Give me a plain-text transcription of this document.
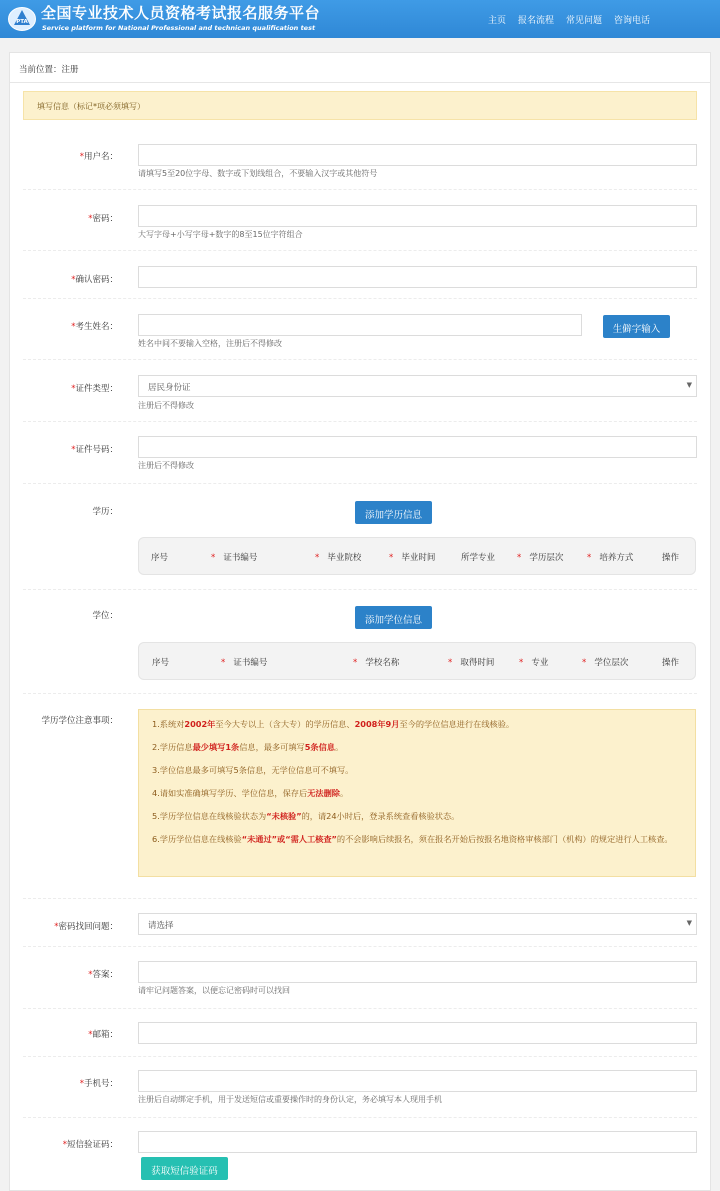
PTA 全国专业技术人员资格考试报名服务平台
Service platform for National Professional and technican qualification test
主页 报名流程 常见问题 咨询电话
当前位置：注册
填写信息（标记*项必须填写）
*用户名：
请填写5至20位字母、数字或下划线组合，不要输入汉字或其他符号
*密码：
大写字母+小写字母+数字的8至15位字符组合
*确认密码：
*考生姓名：	生僻字输入
姓名中间不要输入空格，注册后不得修改
*证件类型：	居民身份证	▼
注册后不得修改
*证件号码：
注册后不得修改
学历：	添加学历信息
序号	* 证书编号	* 毕业院校	* 毕业时间	所学专业	* 学历层次	* 培养方式	操作
学位：	添加学位信息
序号	* 证书编号	* 学校名称	* 取得时间	* 专业	* 学位层次	操作
学历学位注意事项：	1.系统对2002年至今大专以上（含大专）的学历信息、2008年9月至今的学位信息进行在线核验。
2.学历信息最少填写1条信息，最多可填写5条信息。
3.学位信息最多可填写5条信息，无学位信息可不填写。
4.请如实准确填写学历、学位信息，保存后无法删除。
5.学历学位信息在线核验状态为“未核验”的，请24小时后，登录系统查看核验状态。
6.学历学位信息在线核验“未通过”或“需人工核查”的不会影响后续报名，须在报名开始后按报名地资格审核部门（机构）的规定进行人工核查。
*密码找回问题：	请选择	▼
*答案：
请牢记问题答案，以便忘记密码时可以找回
*邮箱：
*手机号：
注册后自动绑定手机，用于发送短信或重要操作时的身份认定，务必填写本人现用手机
*短信验证码：
获取短信验证码
